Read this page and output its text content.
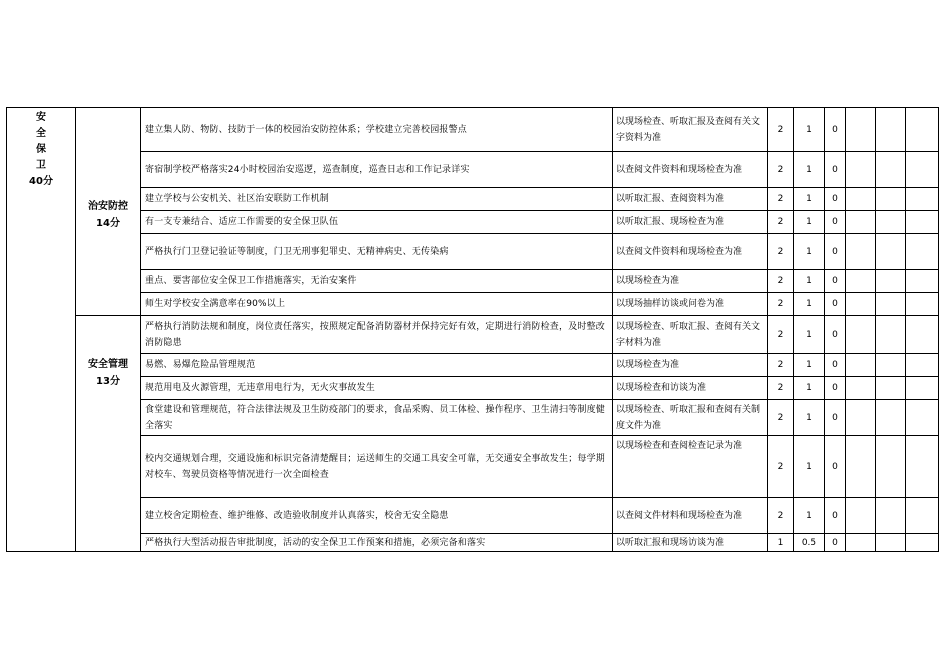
安
全
保
卫
40分	治安防控
14分	建立集人防、物防、技防于一体的校园治安防控体系；学校建立完善校园报警点	以现场检查、听取汇报及查阅有关文字资料为准	2	1	0			
		寄宿制学校严格落实24小时校园治安巡逻，巡查制度，巡查日志和工作记录详实	以查阅文件资料和现场检查为准	2	1	0			
		建立学校与公安机关、社区治安联防工作机制	以听取汇报、查阅资料为准	2	1	0			
		有一支专兼结合、适应工作需要的安全保卫队伍	以听取汇报、现场检查为准	2	1	0			
		严格执行门卫登记验证等制度，门卫无刑事犯罪史、无精神病史、无传染病	以查阅文件资料和现场检查为准	2	1	0			
		重点、要害部位安全保卫工作措施落实，无治安案件	以现场检查为准	2	1	0			
		师生对学校安全满意率在90%以上	以现场抽样访谈或问卷为准	2	1	0			

	安全管理
13分	严格执行消防法规和制度，岗位责任落实，按照规定配备消防器材并保持完好有效，定期进行消防检查，及时整改消防隐患	以现场检查、听取汇报、查阅有关文字材料为准	2	1	0			
		易燃、易爆危险品管理规范	以现场检查为准	2	1	0			
		规范用电及火源管理，无违章用电行为，无火灾事故发生	以现场检查和访谈为准	2	1	0			
		食堂建设和管理规范，符合法律法规及卫生防疫部门的要求，食品采购、员工体检、操作程序、卫生清扫等制度健全落实	以现场检查、听取汇报和查阅有关制度文件为准	2	1	0			
		校内交通规划合理，交通设施和标识完备清楚醒目；运送师生的交通工具安全可靠，无交通安全事故发生；每学期对校车、驾驶员资格等情况进行一次全面检查	以现场检查和查阅检查记录为准	2	1	0			
		建立校舍定期检查、维护维修、改造验收制度并认真落实，校舍无安全隐患	以查阅文件材料和现场检查为准	2	1	0			
		严格执行大型活动报告审批制度，活动的安全保卫工作预案和措施，必须完备和落实	以听取汇报和现场访谈为准	1	0.5	0			
